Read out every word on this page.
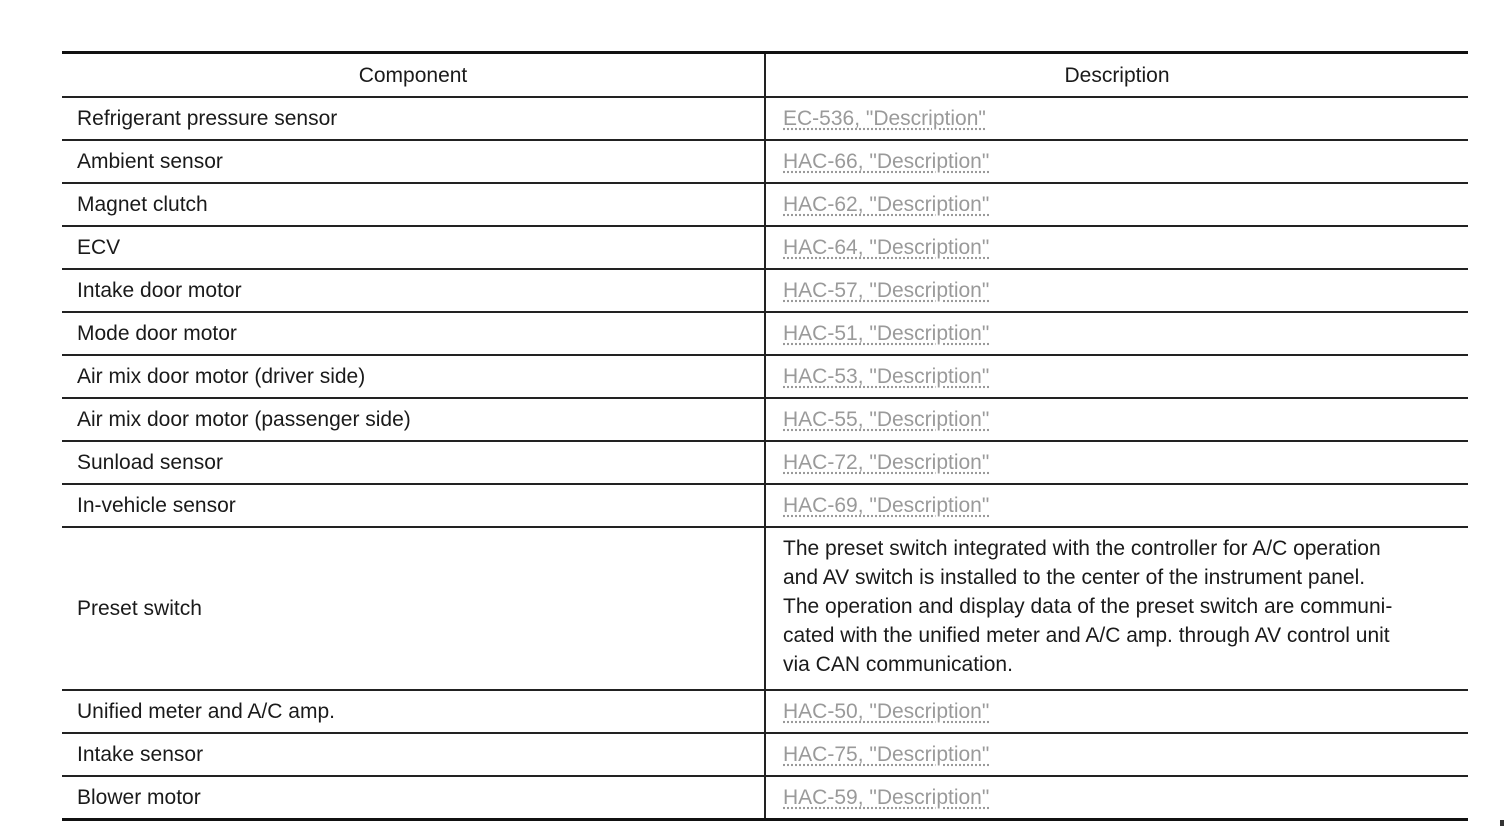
Component	Description
Refrigerant pressure sensor	EC-536, "Description"
Ambient sensor	HAC-66, "Description"
Magnet clutch	HAC-62, "Description"
ECV	HAC-64, "Description"
Intake door motor	HAC-57, "Description"
Mode door motor	HAC-51, "Description"
Air mix door motor (driver side)	HAC-53, "Description"
Air mix door motor (passenger side)	HAC-55, "Description"
Sunload sensor	HAC-72, "Description"
In-vehicle sensor	HAC-69, "Description"
Preset switch	The preset switch integrated with the controller for A/C operation
and AV switch is installed to the center of the instrument panel.
The operation and display data of the preset switch are communi-
cated with the unified meter and A/C amp. through AV control unit
via CAN communication.

Unified meter and A/C amp.	HAC-50, "Description"
Intake sensor	HAC-75, "Description"
Blower motor	HAC-59, "Description"
